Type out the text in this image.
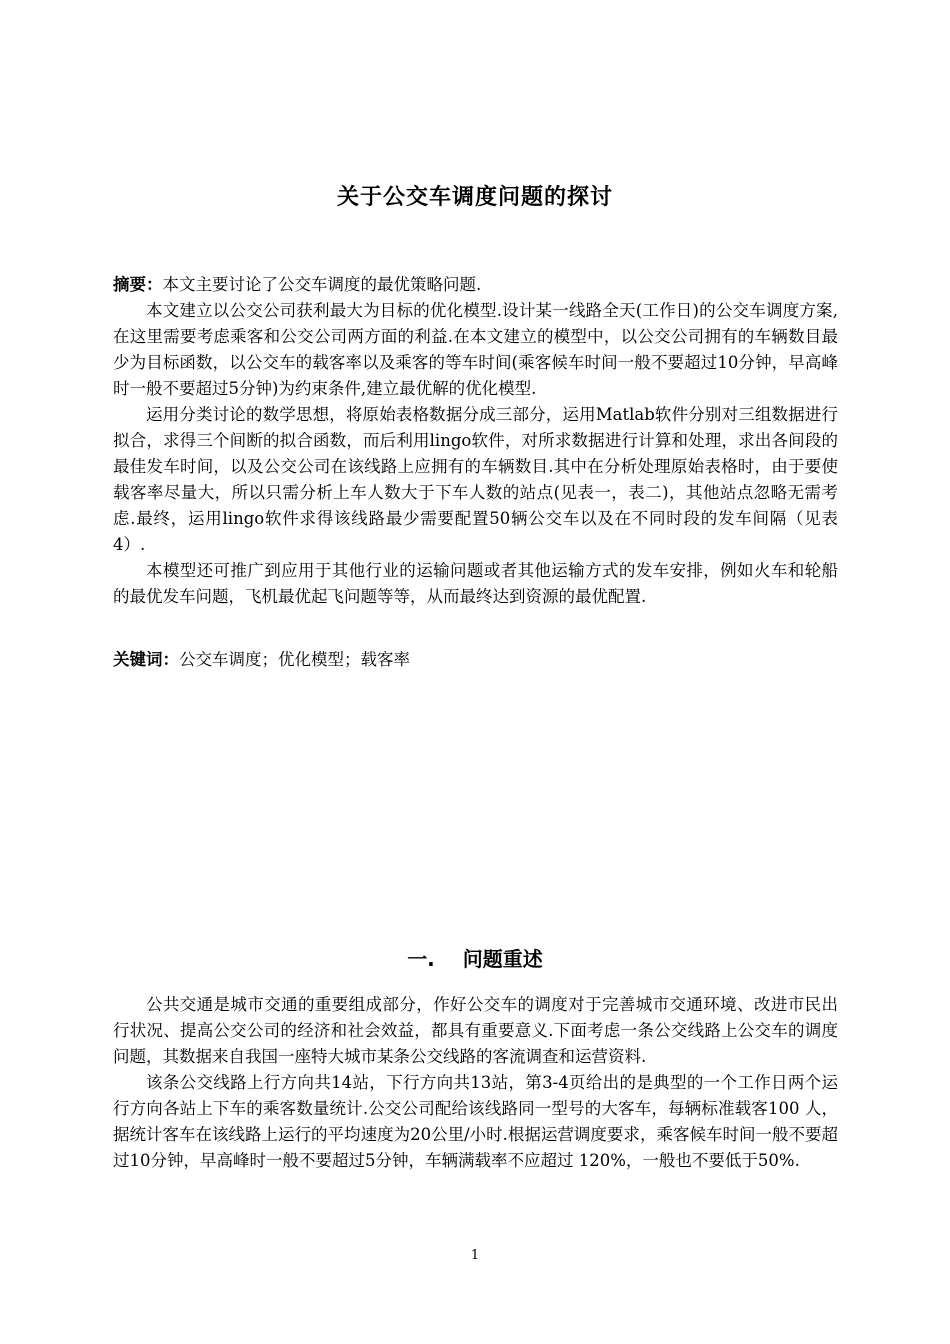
关于公交车调度问题的探讨

摘要：本文主要讨论了公交车调度的最优策略问题.

本文建立以公交公司获利最大为目标的优化模型.设计某一线路全天(工作日)的公交车调度方案,在这里需要考虑乘客和公交公司两方面的利益.在本文建立的模型中，以公交公司拥有的车辆数目最少为目标函数，以公交车的载客率以及乘客的等车时间(乘客候车时间一般不要超过10分钟，早高峰时一般不要超过5分钟)为约束条件,建立最优解的优化模型.

运用分类讨论的数学思想，将原始表格数据分成三部分，运用Matlab软件分别对三组数据进行拟合，求得三个间断的拟合函数，而后利用lingo软件，对所求数据进行计算和处理，求出各间段的最佳发车时间，以及公交公司在该线路上应拥有的车辆数目.其中在分析处理原始表格时，由于要使载客率尽量大，所以只需分析上车人数大于下车人数的站点(见表一，表二)，其他站点忽略无需考虑.最终，运用lingo软件求得该线路最少需要配置50辆公交车以及在不同时段的发车间隔（见表4）.

本模型还可推广到应用于其他行业的运输问题或者其他运输方式的发车安排，例如火车和轮船的最优发车问题，飞机最优起飞问题等等，从而最终达到资源的最优配置.

关键词：公交车调度；优化模型；载客率

一. 问题重述

公共交通是城市交通的重要组成部分，作好公交车的调度对于完善城市交通环境、改进市民出行状况、提高公交公司的经济和社会效益，都具有重要意义.下面考虑一条公交线路上公交车的调度问题，其数据来自我国一座特大城市某条公交线路的客流调查和运营资料.

该条公交线路上行方向共14站，下行方向共13站，第3-4页给出的是典型的一个工作日两个运行方向各站上下车的乘客数量统计.公交公司配给该线路同一型号的大客车，每辆标准载客100 人，据统计客车在该线路上运行的平均速度为20公里/小时.根据运营调度要求，乘客候车时间一般不要超过10分钟，早高峰时一般不要超过5分钟，车辆满载率不应超过 120%，一般也不要低于50%.

1
